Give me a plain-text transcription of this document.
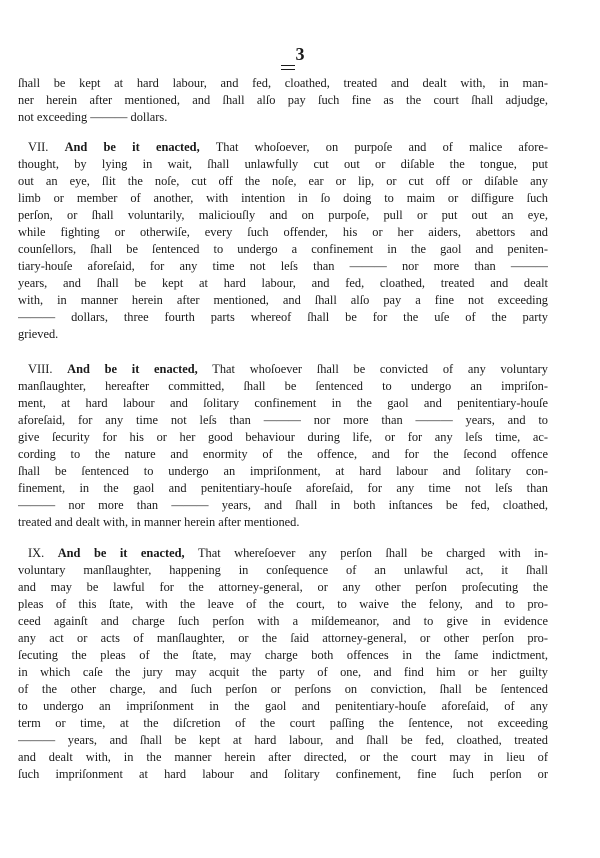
3
ſhall be kept at hard labour, and fed, cloathed, treated and dealt with, in man-
ner herein after mentioned, and ſhall alſo pay ſuch fine as the court ſhall adjudge,
not exceeding ——— dollars.
VII. And be it enacted, That whoſoever, on purpoſe and of malice afore-
thought, by lying in wait, ſhall unlawfully cut out or diſable the tongue, put
out an eye, ſlit the noſe, cut off the noſe, ear or lip, or cut off or diſable any
limb or member of another, with intention in ſo doing to maim or diſfigure ſuch
perſon, or ſhall voluntarily, maliciouſly and on purpoſe, pull or put out an eye,
while fighting or otherwiſe, every ſuch offender, his or her aiders, abettors and
counſellors, ſhall be ſentenced to undergo a confinement in the gaol and peniten-
tiary-houſe aforeſaid, for any time not leſs than ——— nor more than ———
years, and ſhall be kept at hard labour, and fed, cloathed, treated and dealt
with, in manner herein after mentioned, and ſhall alſo pay a fine not exceeding
——— dollars, three fourth parts whereof ſhall be for the uſe of the party
grieved.
VIII. And be it enacted, That whoſoever ſhall be convicted of any voluntary
manſlaughter, hereafter committed, ſhall be ſentenced to undergo an impriſon-
ment, at hard labour and ſolitary confinement in the gaol and penitentiary-houſe
aforeſaid, for any time not leſs than ——— nor more than ——— years, and to
give ſecurity for his or her good behaviour during life, or for any leſs time, ac-
cording to the nature and enormity of the offence, and for the ſecond offence
ſhall be ſentenced to undergo an impriſonment, at hard labour and ſolitary con-
finement, in the gaol and penitentiary-houſe aforeſaid, for any time not leſs than
——— nor more than ——— years, and ſhall in both inſtances be fed, cloathed,
treated and dealt with, in manner herein after mentioned.
IX. And be it enacted, That whereſoever any perſon ſhall be charged with in-
voluntary manſlaughter, happening in conſequence of an unlawful act, it ſhall
and may be lawful for the attorney-general, or any other perſon proſecuting the
pleas of this ſtate, with the leave of the court, to waive the felony, and to pro-
ceed againſt and charge ſuch perſon with a miſdemeanor, and to give in evidence
any act or acts of manſlaughter, or the ſaid attorney-general, or other perſon pro-
ſecuting the pleas of the ſtate, may charge both offences in the ſame indictment,
in which caſe the jury may acquit the party of one, and find him or her guilty
of the other charge, and ſuch perſon or perſons on conviction, ſhall be ſentenced
to undergo an impriſonment in the gaol and penitentiary-houſe aforeſaid, of any
term or time, at the diſcretion of the court paſſing the ſentence, not exceeding
——— years, and ſhall be kept at hard labour, and ſhall be fed, cloathed, treated
and dealt with, in the manner herein after directed, or the court may in lieu of
ſuch impriſonment at hard labour and ſolitary confinement, fine ſuch perſon or
